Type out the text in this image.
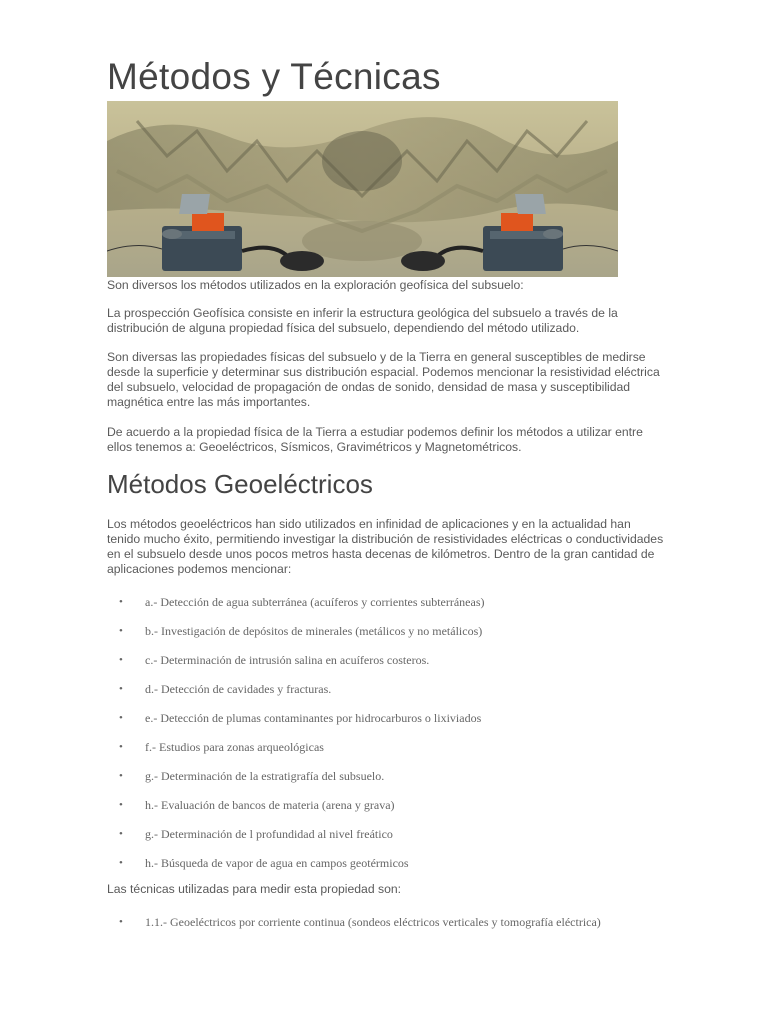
Métodos y Técnicas

Son diversos los métodos utilizados en la exploración geofísica del subsuelo:

La prospección Geofísica consiste en inferir la estructura geológica del subsuelo a través de la distribución de alguna propiedad física del subsuelo, dependiendo del método utilizado.

Son diversas las propiedades físicas del subsuelo y de la Tierra en general susceptibles de medirse desde la superficie y determinar sus distribución espacial. Podemos mencionar la resistividad eléctrica del subsuelo, velocidad de propagación de ondas de sonido, densidad de masa y susceptibilidad magnética entre las más importantes.

De acuerdo a la propiedad física de la Tierra a estudiar podemos definir los métodos a utilizar entre ellos tenemos a: Geoeléctricos, Sísmicos, Gravimétricos y Magnetométricos.

Métodos Geoeléctricos

Los métodos geoeléctricos han sido utilizados en infinidad de aplicaciones y en la actualidad han tenido mucho éxito, permitiendo investigar la distribución de resistividades eléctricas o conductividades en el subsuelo desde unos pocos metros hasta decenas de kilómetros. Dentro de la gran cantidad de aplicaciones podemos mencionar:

• a.- Detección de agua subterránea (acuíferos y corrientes subterráneas)
• b.- Investigación de depósitos de minerales (metálicos y no metálicos)
• c.- Determinación de intrusión salina en acuíferos costeros.
• d.- Detección de cavidades y fracturas.
• e.- Detección de plumas contaminantes por hidrocarburos o lixiviados
• f.- Estudios para zonas arqueológicas
• g.- Determinación de la estratigrafía del subsuelo.
• h.- Evaluación de bancos de materia (arena y grava)
• g.- Determinación de l profundidad al nivel freático
• h.- Búsqueda de vapor de agua en campos geotérmicos

Las técnicas utilizadas para medir esta propiedad son:

• 1.1.- Geoeléctricos por corriente continua (sondeos eléctricos verticales y tomografía eléctrica)
